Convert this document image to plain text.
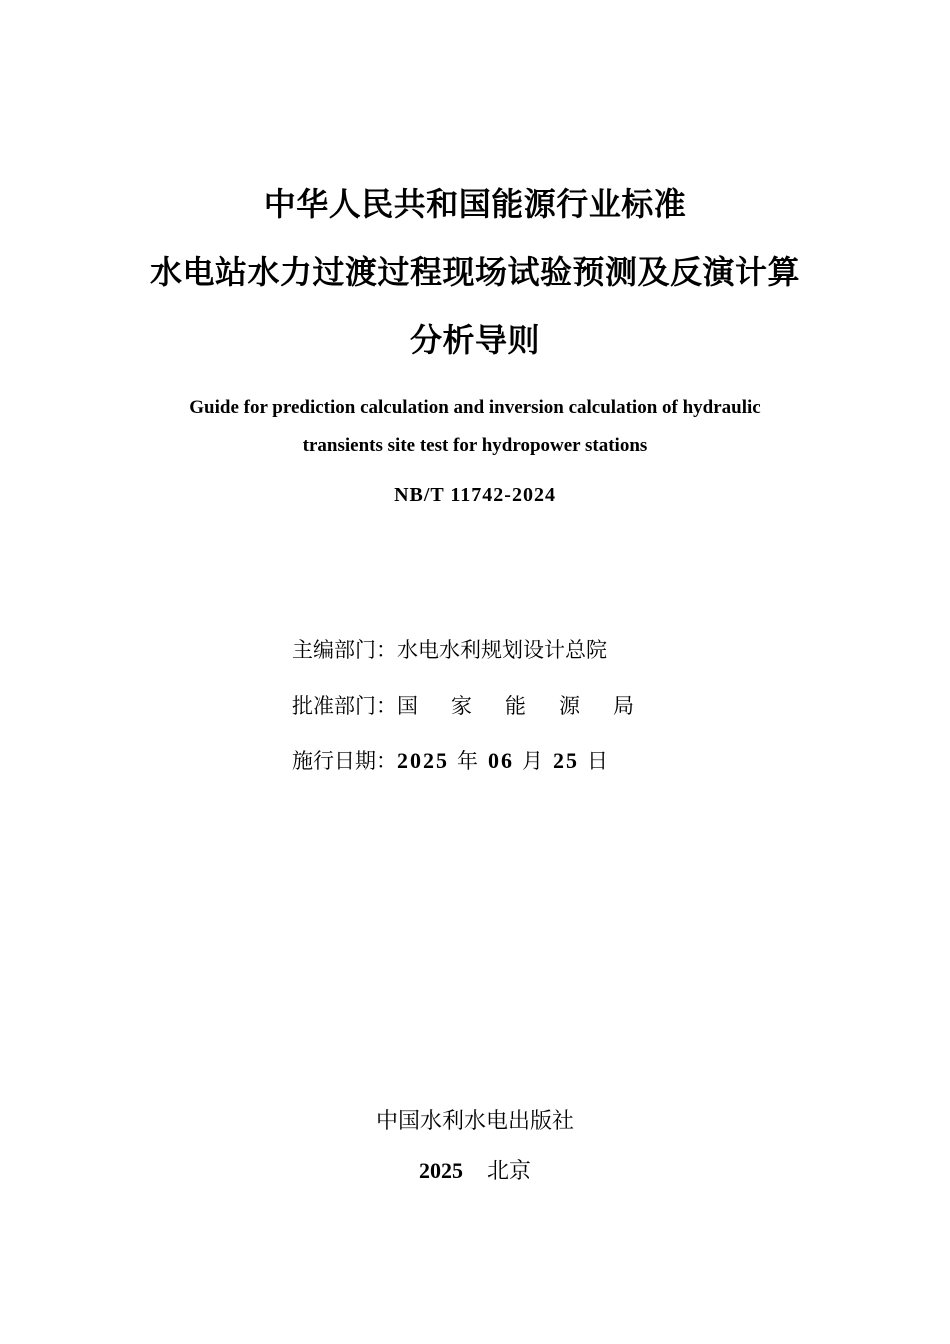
中华人民共和国能源行业标准
水电站水力过渡过程现场试验预测及反演计算
分析导则
Guide for prediction calculation and inversion calculation of hydraulic
transients site test for hydropower stations
NB/T 11742-2024
主编部门：水电水利规划设计总院
批准部门：国 家 能 源 局
施行日期：2025 年 06 月 25 日
中国水利水电出版社
2025 北京
